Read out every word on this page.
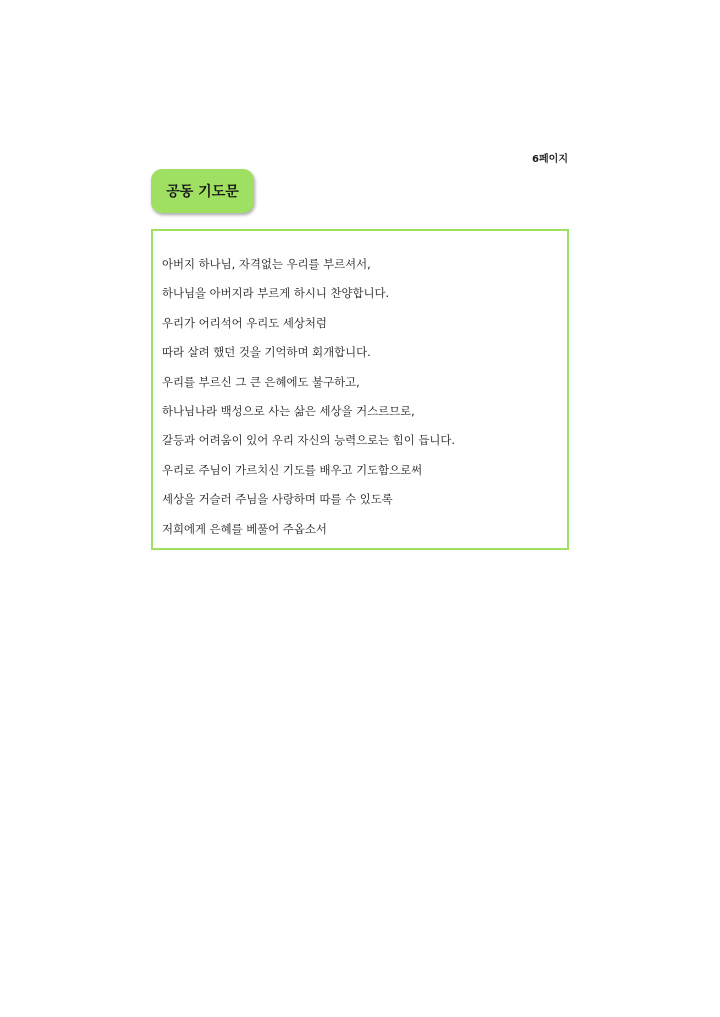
6페이지
공동 기도문
아버지 하나님, 자격없는 우리를 부르셔서,
하나님을 아버지라 부르게 하시니 찬양합니다.
우리가 어리석어 우리도 세상처럼
따라 살려 했던 것을 기억하며 회개합니다.
우리를 부르신 그 큰 은혜에도 불구하고,
하나님나라 백성으로 사는 삶은 세상을 거스르므로,
갈등과 어려움이 있어 우리 자신의 능력으로는 힘이 듭니다.
우리로 주님이 가르치신 기도를 배우고 기도함으로써
세상을 거슬러 주님을 사랑하며 따를 수 있도록
저희에게 은혜를 베풀어 주옵소서
